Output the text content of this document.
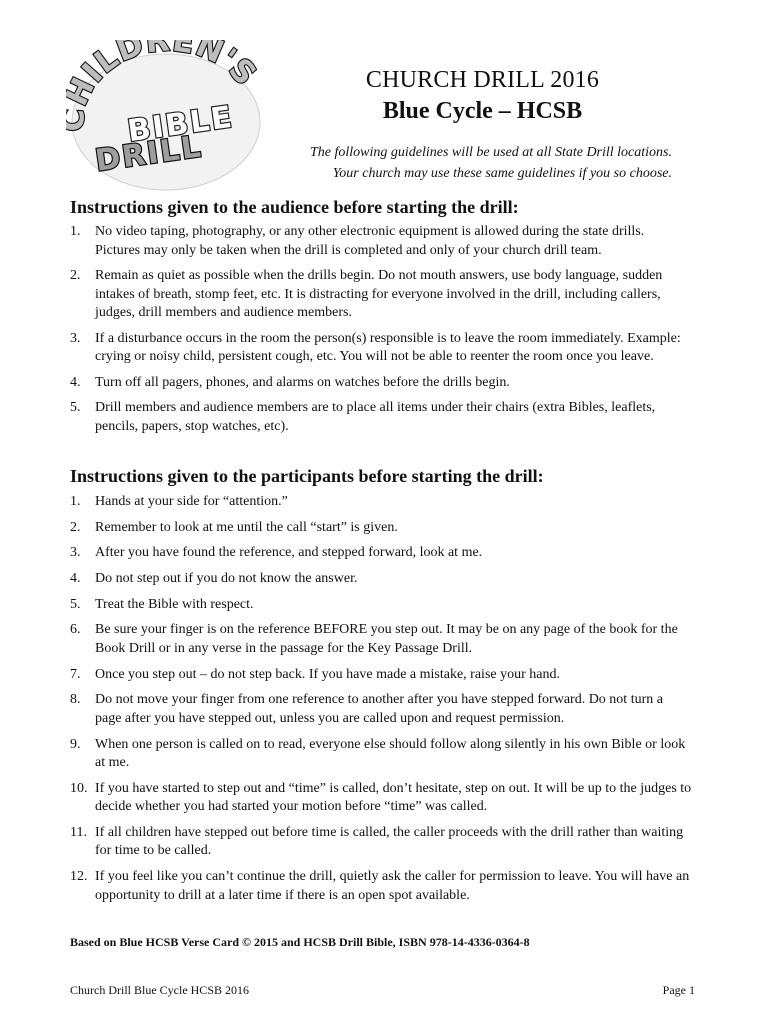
ILDREN'S
BIBLE
DRILL
CHURCH DRILL 2016
Blue Cycle – HCSB
The following guidelines will be used at all State Drill locations.
Your church may use these same guidelines if you so choose.
Instructions given to the audience before starting the drill:
1. No video taping, photography, or any other electronic equipment is allowed during the state drills. Pictures may only be taken when the drill is completed and only of your church drill team.
2. Remain as quiet as possible when the drills begin. Do not mouth answers, use body language, sudden intakes of breath, stomp feet, etc. It is distracting for everyone involved in the drill, including callers, judges, drill members and audience members.
3. If a disturbance occurs in the room the person(s) responsible is to leave the room immediately. Example: crying or noisy child, persistent cough, etc. You will not be able to reenter the room once you leave.
4. Turn off all pagers, phones, and alarms on watches before the drills begin.
5. Drill members and audience members are to place all items under their chairs (extra Bibles, leaflets, pencils, papers, stop watches, etc).
Instructions given to the participants before starting the drill:
1. Hands at your side for “attention.”
2. Remember to look at me until the call “start” is given.
3. After you have found the reference, and stepped forward, look at me.
4. Do not step out if you do not know the answer.
5. Treat the Bible with respect.
6. Be sure your finger is on the reference BEFORE you step out. It may be on any page of the book for the Book Drill or in any verse in the passage for the Key Passage Drill.
7. Once you step out – do not step back. If you have made a mistake, raise your hand.
8. Do not move your finger from one reference to another after you have stepped forward. Do not turn a page after you have stepped out, unless you are called upon and request permission.
9. When one person is called on to read, everyone else should follow along silently in his own Bible or look at me.
10. If you have started to step out and “time” is called, don’t hesitate, step on out. It will be up to the judges to decide whether you had started your motion before “time” was called.
11. If all children have stepped out before time is called, the caller proceeds with the drill rather than waiting for time to be called.
12. If you feel like you can’t continue the drill, quietly ask the caller for permission to leave. You will have an opportunity to drill at a later time if there is an open spot available.
Based on Blue HCSB Verse Card © 2015 and HCSB Drill Bible, ISBN 978-14-4336-0364-8
Church Drill Blue Cycle HCSB 2016	Page 1
